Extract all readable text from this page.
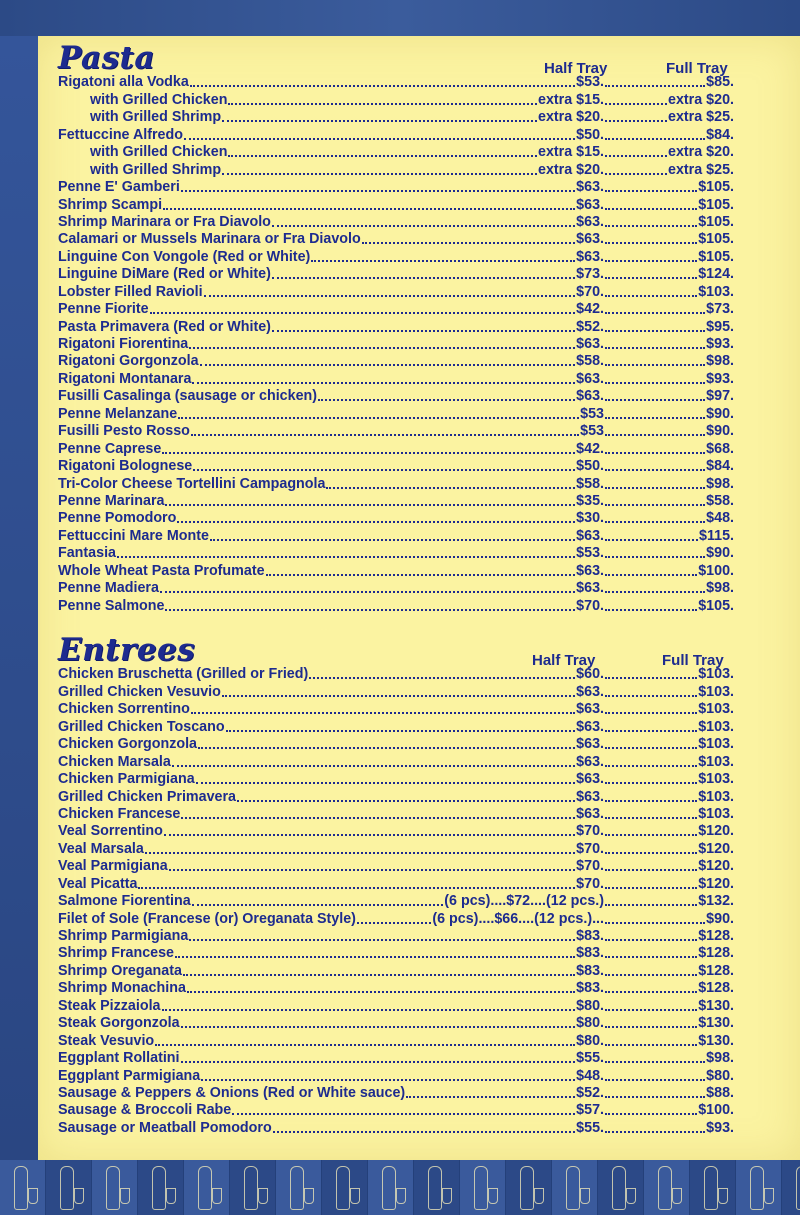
Pasta	Half Tray	Full Tray
Rigatoni alla Vodka	$53.	$85.
with Grilled Chicken	extra $15.	extra $20.
with Grilled Shrimp	extra $20.	extra $25.
Fettuccine Alfredo	$50.	$84.
with Grilled Chicken	extra $15.	extra $20.
with Grilled Shrimp	extra $20.	extra $25.
Penne E' Gamberi	$63.	$105.
Shrimp Scampi	$63.	$105.
Shrimp Marinara or Fra Diavolo	$63.	$105.
Calamari or Mussels Marinara or Fra Diavolo	$63.	$105.
Linguine Con Vongole (Red or White)	$63.	$105.
Linguine DiMare (Red or White)	$73.	$124.
Lobster Filled Ravioli	$70.	$103.
Penne Fiorite	$42.	$73.
Pasta Primavera (Red or White)	$52.	$95.
Rigatoni Fiorentina	$63.	$93.
Rigatoni Gorgonzola	$58.	$98.
Rigatoni Montanara	$63.	$93.
Fusilli Casalinga (sausage or chicken)	$63.	$97.
Penne Melanzane	$53	$90.
Fusilli Pesto Rosso	$53	$90.
Penne Caprese	$42.	$68.
Rigatoni Bolognese	$50.	$84.
Tri-Color Cheese Tortellini Campagnola	$58.	$98.
Penne Marinara	$35.	$58.
Penne Pomodoro	$30.	$48.
Fettuccini Mare Monte	$63.	$115.
Fantasia	$53.	$90.
Whole Wheat Pasta Profumate	$63.	$100.
Penne Madiera	$63.	$98.
Penne Salmone	$70.	$105.
Entrees	Half Tray	Full Tray
Chicken Bruschetta (Grilled or Fried)	$60.	$103.
Grilled Chicken Vesuvio	$63.	$103.
Chicken Sorrentino	$63.	$103.
Grilled Chicken Toscano	$63.	$103.
Chicken Gorgonzola	$63.	$103.
Chicken Marsala	$63.	$103.
Chicken Parmigiana	$63.	$103.
Grilled Chicken Primavera	$63.	$103.
Chicken Francese	$63.	$103.
Veal Sorrentino	$70.	$120.
Veal Marsala	$70.	$120.
Veal Parmigiana	$70.	$120.
Veal Picatta	$70.	$120.
Salmone Fiorentina	(6 pcs)....$72....(12 pcs.)	$132.
Filet of Sole (Francese (or) Oreganata Style)	(6 pcs)....$66....(12 pcs.)...	$90.
Shrimp Parmigiana	$83.	$128.
Shrimp Francese	$83.	$128.
Shrimp Oreganata	$83.	$128.
Shrimp Monachina	$83.	$128.
Steak Pizzaiola	$80.	$130.
Steak Gorgonzola	$80.	$130.
Steak Vesuvio	$80.	$130.
Eggplant Rollatini	$55.	$98.
Eggplant Parmigiana	$48.	$80.
Sausage & Peppers & Onions (Red or White sauce)	$52.	$88.
Sausage & Broccoli Rabe	$57.	$100.
Sausage or Meatball Pomodoro	$55.	$93.
